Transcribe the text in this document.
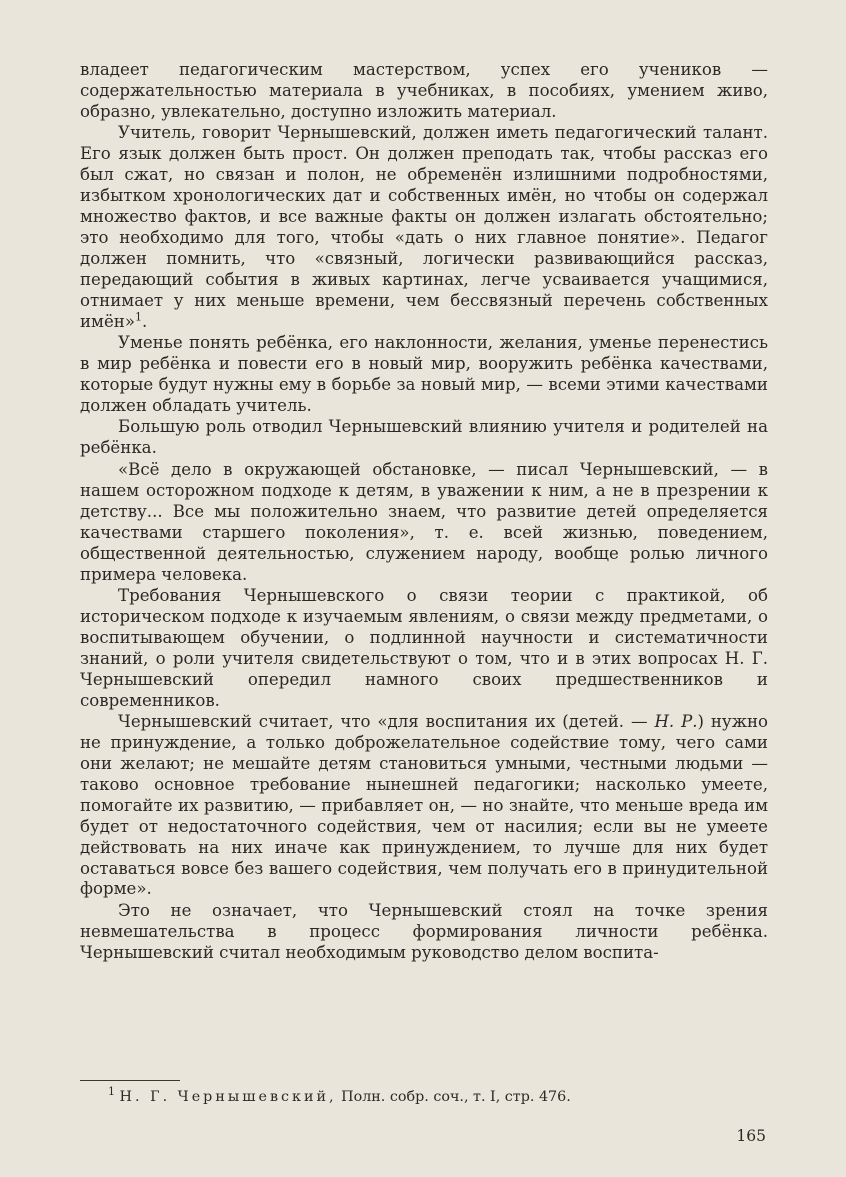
владеет педагогическим мастерством, успех его учеников — содержательностью материала в учебниках, в пособиях, умением живо, образно, увлекательно, доступно изложить материал.

Учитель, говорит Чернышевский, должен иметь педагогический талант. Его язык должен быть прост. Он должен преподать так, чтобы рассказ его был сжат, но связан и полон, не обременён излишними подробностями, избытком хронологических дат и собственных имён, но чтобы он содержал множество фактов, и все важные факты он должен излагать обстоятельно; это необходимо для того, чтобы «дать о них главное понятие». Педагог должен помнить, что «связный, логически развивающийся рассказ, передающий события в живых картинах, легче усваивается учащимися, отнимает у них меньше времени, чем бессвязный перечень собственных имён»$^1$.

Уменье понять ребёнка, его наклонности, желания, уменье перенестись в мир ребёнка и повести его в новый мир, вооружить ребёнка качествами, которые будут нужны ему в борьбе за новый мир, — всеми этими качествами должен обладать учитель.

Большую роль отводил Чернышевский влиянию учителя и родителей на ребёнка.

«Всё дело в окружающей обстановке, — писал Чернышевский, — в нашем осторожном подходе к детям, в уважении к ним, а не в презрении к детству... Все мы положительно знаем, что развитие детей определяется качествами старшего поколения», т. е. всей жизнью, поведением, общественной деятельностью, служением народу, вообще ролью личного примера человека.

Требования Чернышевского о связи теории с практикой, об историческом подходе к изучаемым явлениям, о связи между предметами, о воспитывающем обучении, о подлинной научности и систематичности знаний, о роли учителя свидетельствуют о том, что и в этих вопросах Н. Г. Чернышевский опередил намного своих предшественников и современников.

Чернышевский считает, что «для воспитания их (детей. — Н. Р.) нужно не принуждение, а только доброжелательное содействие тому, чего сами они желают; не мешайте детям становиться умными, честными людьми — таково основное требование нынешней педагогики; насколько умеете, помогайте их развитию, — прибавляет он, — но знайте, что меньше вреда им будет от недостаточного содействия, чем от насилия; если вы не умеете действовать на них иначе как принуждением, то лучше для них будет оставаться вовсе без вашего содействия, чем получать его в принудительной форме».

Это не означает, что Чернышевский стоял на точке зрения невмешательства в процесс формирования личности ребёнка. Чернышевский считал необходимым руководство делом воспита-

$^1$ Н. Г. Чернышевский, Полн. собр. соч., т. I, стр. 476.
165
